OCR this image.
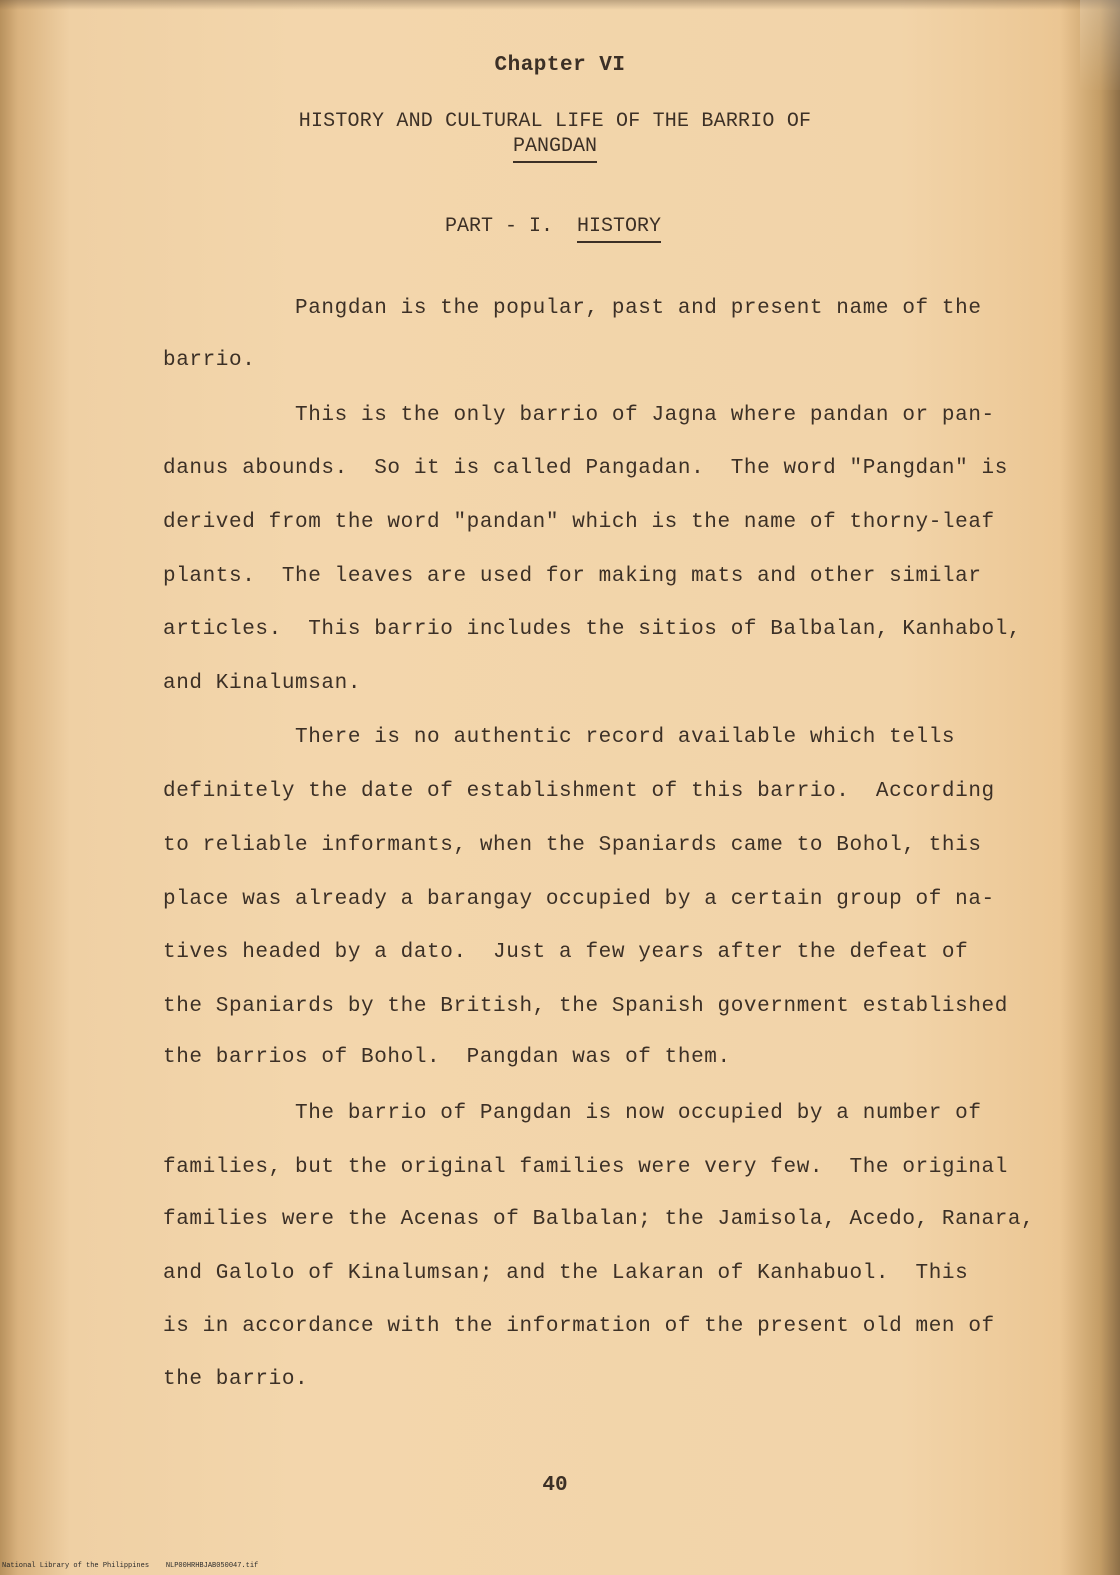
Chapter VI
HISTORY AND CULTURAL LIFE OF THE BARRIO OF
PANGDAN
PART - I.  HISTORY
Pangdan is the popular, past and present name of the
barrio.
This is the only barrio of Jagna where pandan or pan-
danus abounds.  So it is called Pangadan.  The word "Pangdan" is
derived from the word "pandan" which is the name of thorny-leaf
plants.  The leaves are used for making mats and other similar
articles.  This barrio includes the sitios of Balbalan, Kanhabol,
and Kinalumsan.
There is no authentic record available which tells
definitely the date of establishment of this barrio.  According
to reliable informants, when the Spaniards came to Bohol, this
place was already a barangay occupied by a certain group of na-
tives headed by a dato.  Just a few years after the defeat of
the Spaniards by the British, the Spanish government established
the barrios of Bohol.  Pangdan was of them.
The barrio of Pangdan is now occupied by a number of
families, but the original families were very few.  The original
families were the Acenas of Balbalan; the Jamisola, Acedo, Ranara,
and Galolo of Kinalumsan; and the Lakaran of Kanhabuol.  This
is in accordance with the information of the present old men of
the barrio.
40
National Library of the Philippines    NLP00HRHBJAB050047.tif
